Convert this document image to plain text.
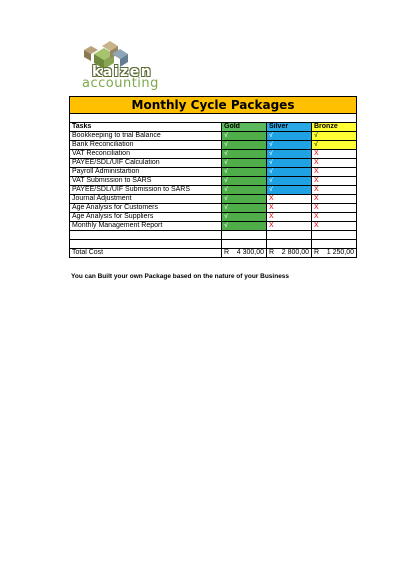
kaizen
accounting
Monthly Cycle Packages			

Tasks	Gold	Silver	Bronze
Bookkeeping to trial Balance	√	√	√
Bank Reconciliation	√	√	√
VAT Reconciliation	√	√	X
PAYEE/SDL/UIF Calculation	√	√	X
Payroll Administartion	√	√	X
VAT Submission to SARS	√	√	X
PAYEE/SDL/UIF Submission to SARS	√	√	X
Journal Adjustment	√	X	X
Age Analysis for Customers	√	X	X
Age Analysis for Suppliers	√	X	X
Monthly Management Report	√	X	X

Total Cost	R 4 300,00	R 2 800,00	R 1 250,00
You can Built your own Package based on the nature of your Business
